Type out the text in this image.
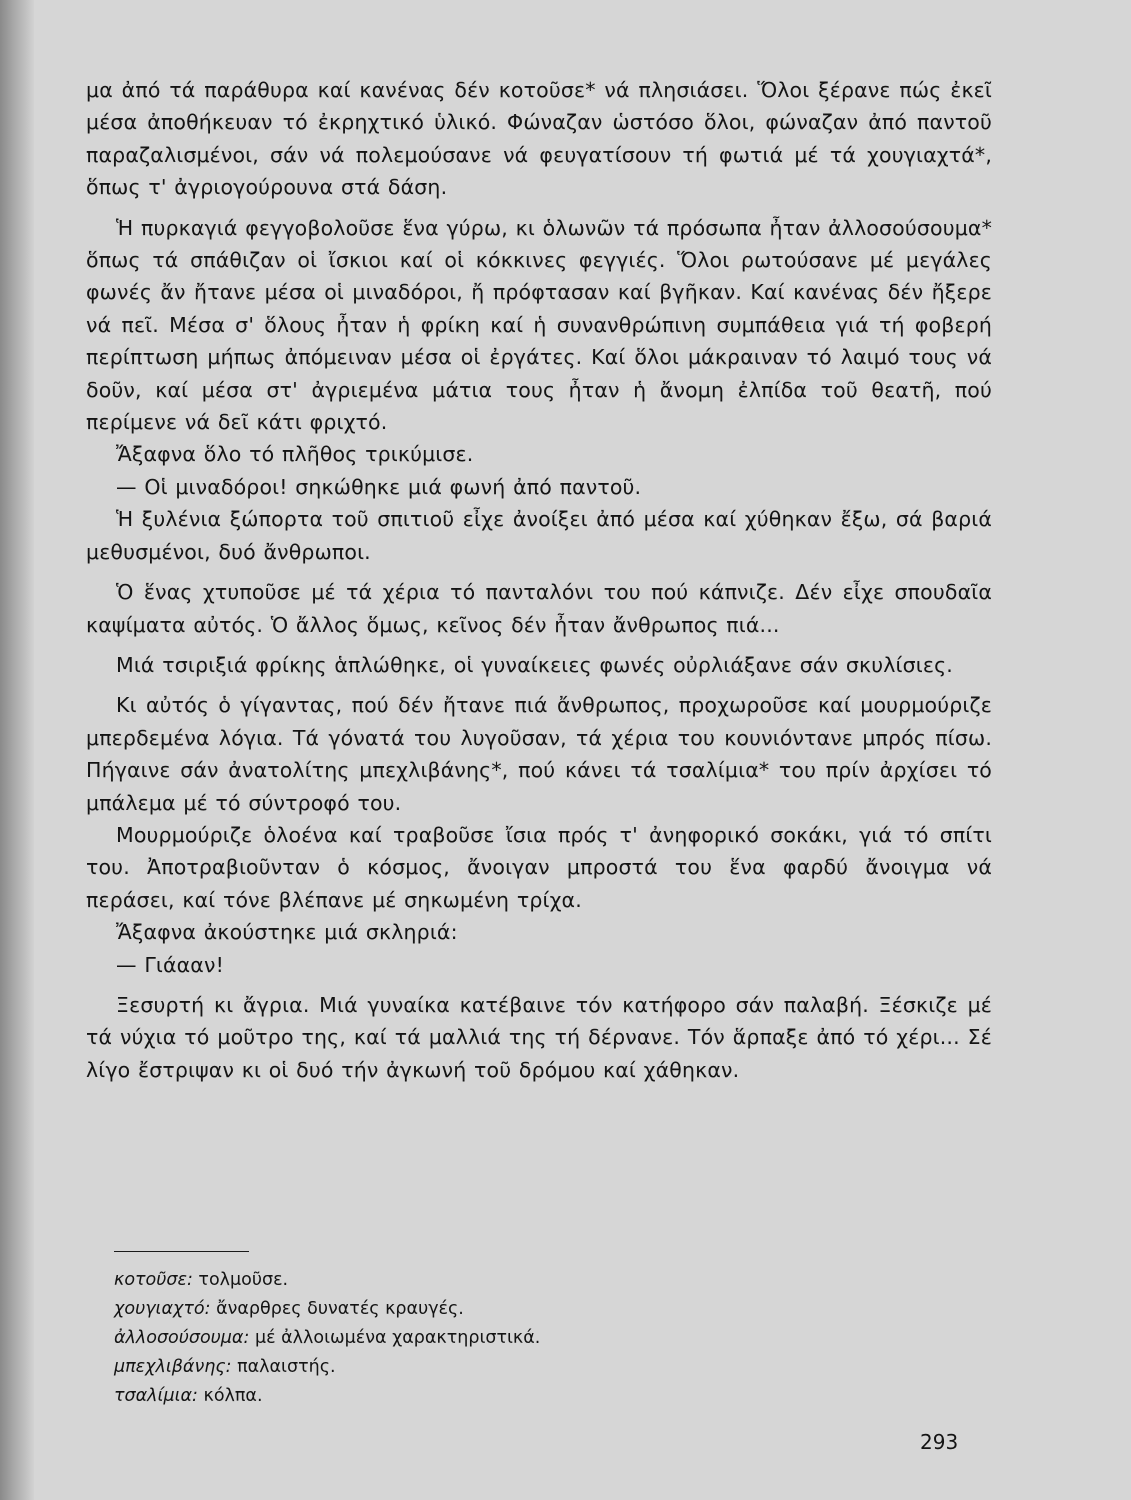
μα ἀπό τά παράθυρα καί κανένας δέν κοτοῦσε* νά πλησιάσει. Ὅλοι ξέρανε πώς ἐκεῖ μέσα ἀποθήκευαν τό ἐκρηχτικό ὑλικό. Φώναζαν ὡστόσο ὅλοι, φώναζαν ἀπό παντοῦ παραζαλισμένοι, σάν νά πολεμούσανε νά φευγατίσουν τή φωτιά μέ τά χουγιαχτά*, ὅπως τ' ἀγριογούρουνα στά δάση.

Ἡ πυρκαγιά φεγγοβολοῦσε ἕνα γύρω, κι ὁλωνῶν τά πρόσωπα ἦταν ἀλλοσούσουμα* ὅπως τά σπάθιζαν οἱ ἴσκιοι καί οἱ κόκκινες φεγγιές. Ὅλοι ρωτούσανε μέ μεγάλες φωνές ἄν ἤτανε μέσα οἱ μιναδόροι, ἤ πρόφτασαν καί βγῆκαν. Καί κανένας δέν ἤξερε νά πεῖ. Μέσα σ' ὅλους ἦταν ἡ φρίκη καί ἡ συνανθρώπινη συμπάθεια γιά τή φοβερή περίπτωση μήπως ἀπόμειναν μέσα οἱ ἐργάτες. Καί ὅλοι μάκραιναν τό λαιμό τους νά δοῦν, καί μέσα στ' ἀγριεμένα μάτια τους ἦταν ἡ ἄνομη ἐλπίδα τοῦ θεατῆ, πού περίμενε νά δεῖ κάτι φριχτό.

Ἄξαφνα ὅλο τό πλῆθος τρικύμισε.

— Οἱ μιναδόροι! σηκώθηκε μιά φωνή ἀπό παντοῦ.

Ἡ ξυλένια ξώπορτα τοῦ σπιτιοῦ εἶχε ἀνοίξει ἀπό μέσα καί χύθηκαν ἔξω, σά βαριά μεθυσμένοι, δυό ἄνθρωποι.

Ὁ ἕνας χτυποῦσε μέ τά χέρια τό πανταλόνι του πού κάπνιζε. Δέν εἶχε σπουδαῖα καψίματα αὐτός. Ὁ ἄλλος ὅμως, κεῖνος δέν ἦταν ἄνθρωπος πιά...

Μιά τσιριξιά φρίκης ἁπλώθηκε, οἱ γυναίκειες φωνές οὐρλιάξανε σάν σκυλίσιες.

Κι αὐτός ὁ γίγαντας, πού δέν ἤτανε πιά ἄνθρωπος, προχωροῦσε καί μουρμούριζε μπερδεμένα λόγια. Τά γόνατά του λυγοῦσαν, τά χέρια του κουνιόντανε μπρός πίσω. Πήγαινε σάν ἀνατολίτης μπεχλιβάνης*, πού κάνει τά τσαλίμια* του πρίν ἀρχίσει τό μπάλεμα μέ τό σύντροφό του.

Μουρμούριζε ὁλοένα καί τραβοῦσε ἴσια πρός τ' ἀνηφορικό σοκάκι, γιά τό σπίτι του. Ἀποτραβιοῦνταν ὁ κόσμος, ἄνοιγαν μπροστά του ἕνα φαρδύ ἄνοιγμα νά περάσει, καί τόνε βλέπανε μέ σηκωμένη τρίχα.

Ἄξαφνα ἀκούστηκε μιά σκληριά:

— Γιάααν!

Ξεσυρτή κι ἄγρια. Μιά γυναίκα κατέβαινε τόν κατήφορο σάν παλαβή. Ξέσκιζε μέ τά νύχια τό μοῦτρο της, καί τά μαλλιά της τή δέρνανε. Τόν ἅρπαξε ἀπό τό χέρι... Σέ λίγο ἔστριψαν κι οἱ δυό τήν ἀγκωνή τοῦ δρόμου καί χάθηκαν.

κοτοῦσε: τολμοῦσε.
χουγιαχτό: ἄναρθρες δυνατές κραυγές.
ἀλλοσούσουμα: μέ ἀλλοιωμένα χαρακτηριστικά.
μπεχλιβάνης: παλαιστής.
τσαλίμια: κόλπα.
293
